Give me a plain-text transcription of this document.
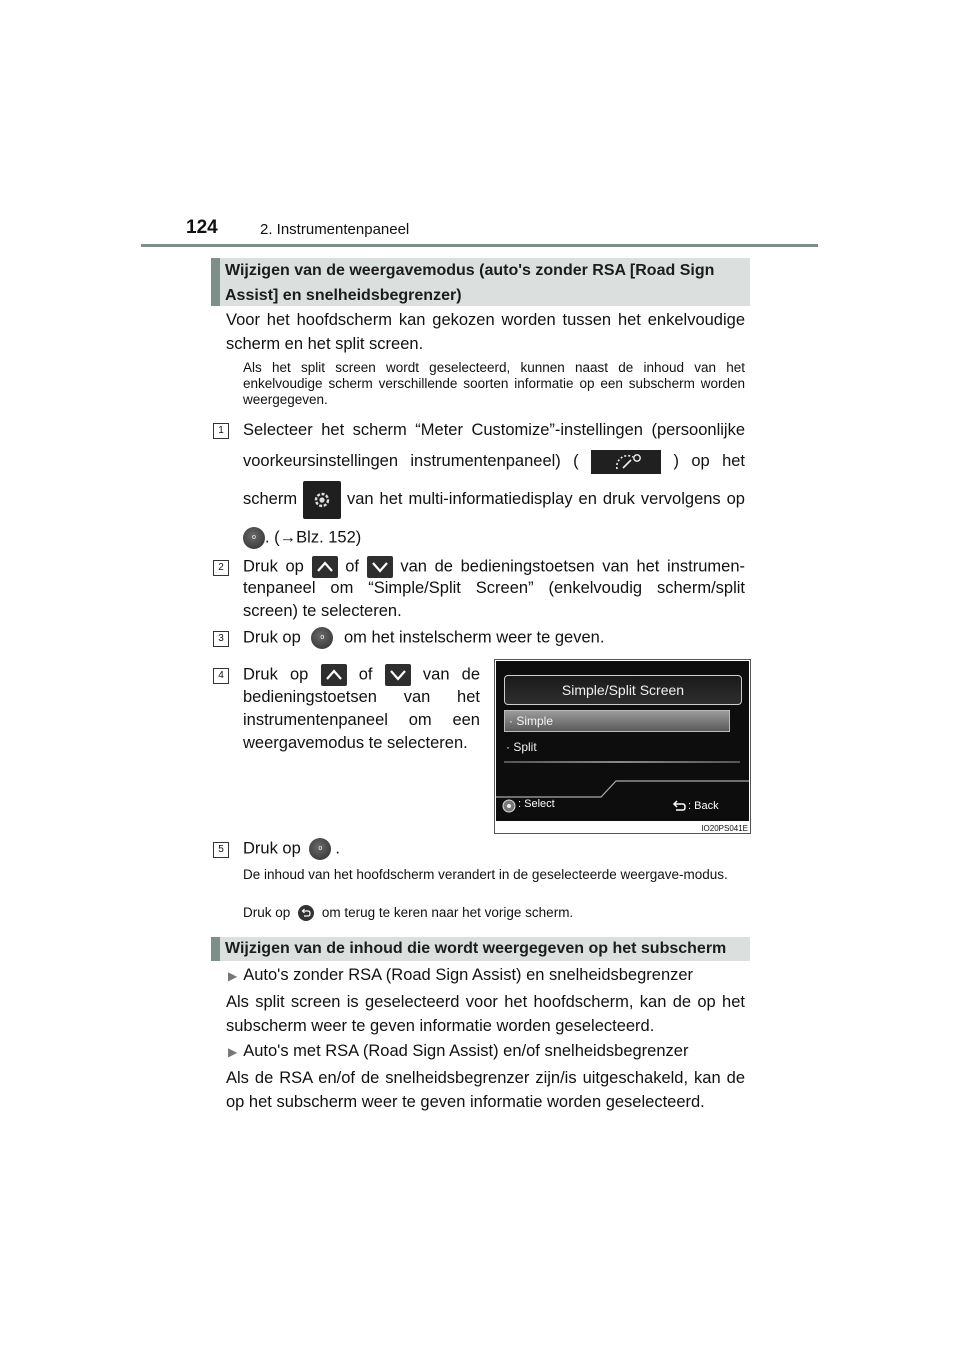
124	2. Instrumentenpaneel
Wijzigen van de weergavemodus (auto's zonder RSA [Road Sign Assist] en snelheidsbegrenzer)
Voor het hoofdscherm kan gekozen worden tussen het enkelvoudige scherm en het split screen.
Als het split screen wordt geselecteerd, kunnen naast de inhoud van het enkelvoudige scherm verschillende soorten informatie op een subscherm worden weergegeven.
1	Selecteer het scherm “Meter Customize”-instellingen (persoonlijke
voorkeursinstellingen instrumentenpaneel) (	) op het
scherm	van het multi-informatiedisplay en druk vervolgens op
o . (→Blz. 152)
2	Druk op	of	van de bedieningstoetsen van het instrumen-
tenpaneel om “Simple/Split Screen” (enkelvoudig scherm/split
screen) te selecteren.
3	Druk op	o om het instelscherm weer te geven.
4	Druk op	of	van de
bedieningstoetsen van het
instrumentenpaneel om een
weergavemodus te selecteren.
Simple/Split Screen
· Simple
· Split
: Select	: Back
IO20PS041E
5	Druk op	o .
De inhoud van het hoofdscherm verandert in de geselecteerde weergave-modus.
Druk op om terug te keren naar het vorige scherm.
Wijzigen van de inhoud die wordt weergegeven op het subscherm
▶ Auto's zonder RSA (Road Sign Assist) en snelheidsbegrenzer
Als split screen is geselecteerd voor het hoofdscherm, kan de op het subscherm weer te geven informatie worden geselecteerd.
▶ Auto's met RSA (Road Sign Assist) en/of snelheidsbegrenzer
Als de RSA en/of de snelheidsbegrenzer zijn/is uitgeschakeld, kan de op het subscherm weer te geven informatie worden geselecteerd.
